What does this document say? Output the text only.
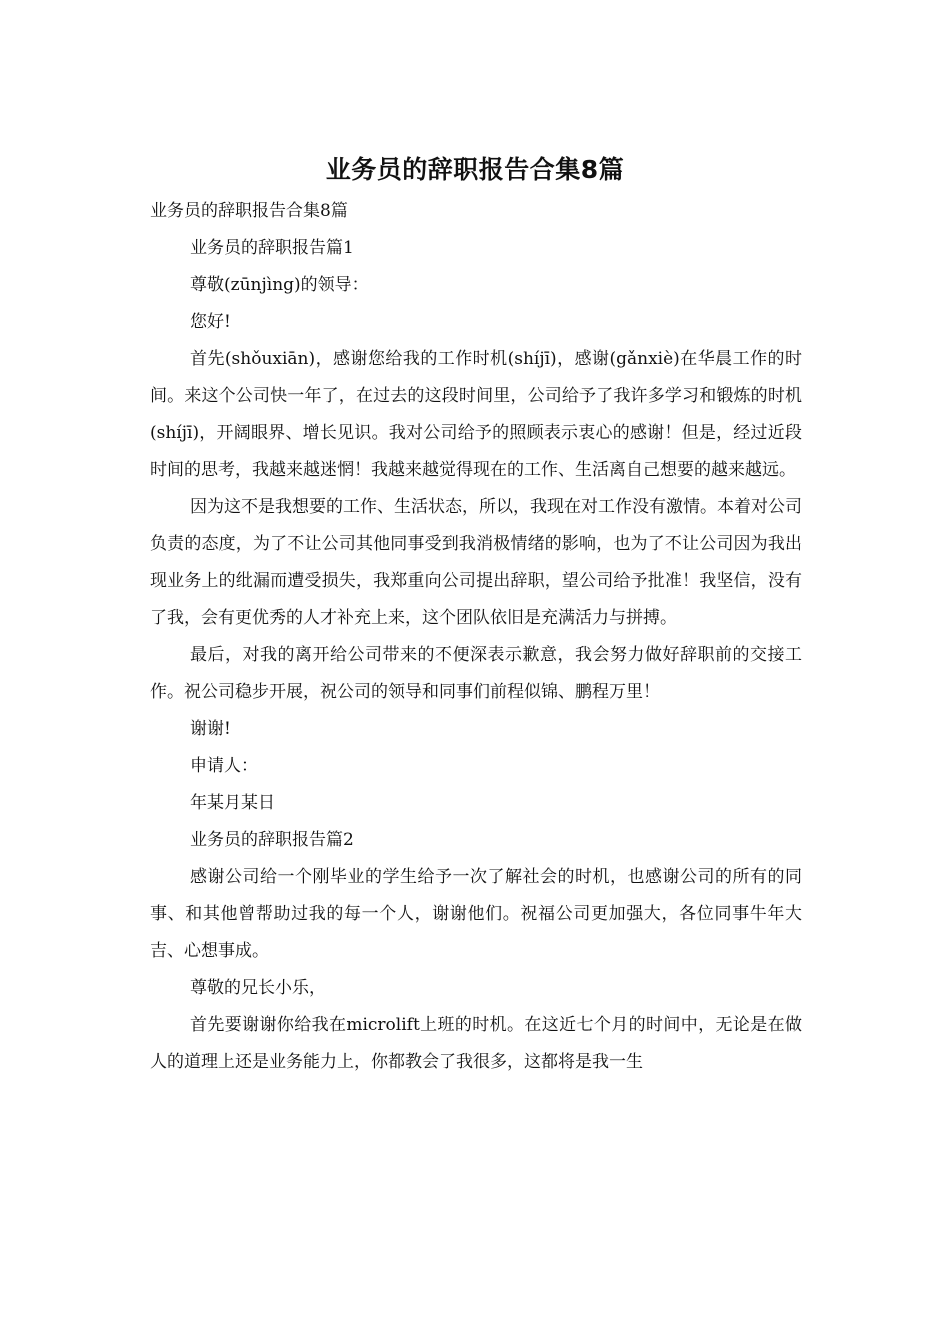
业务员的辞职报告合集8篇

业务员的辞职报告合集8篇

业务员的辞职报告篇1

尊敬(zūnjìng)的领导：

您好!

首先(shǒuxiān)，感谢您给我的工作时机(shíjī)，感谢(gǎnxiè)在华晨工作的时间。来这个公司快一年了，在过去的这段时间里，公司给予了我许多学习和锻炼的时机(shíjī)，开阔眼界、增长见识。我对公司给予的照顾表示衷心的感谢！但是，经过近段时间的思考，我越来越迷惘！我越来越觉得现在的工作、生活离自己想要的越来越远。

因为这不是我想要的工作、生活状态，所以，我现在对工作没有激情。本着对公司负责的态度，为了不让公司其他同事受到我消极情绪的影响，也为了不让公司因为我出现业务上的纰漏而遭受损失，我郑重向公司提出辞职，望公司给予批准！我坚信，没有了我，会有更优秀的人才补充上来，这个团队依旧是充满活力与拼搏。

最后，对我的离开给公司带来的不便深表示歉意，我会努力做好辞职前的交接工作。祝公司稳步开展，祝公司的领导和同事们前程似锦、鹏程万里！

谢谢!

申请人：

年某月某日

业务员的辞职报告篇2

感谢公司给一个刚毕业的学生给予一次了解社会的时机，也感谢公司的所有的同事、和其他曾帮助过我的每一个人，谢谢他们。祝福公司更加强大，各位同事牛年大吉、心想事成。

尊敬的兄长小乐，

首先要谢谢你给我在microlift上班的时机。在这近七个月的时间中，无论是在做人的道理上还是业务能力上，你都教会了我很多，这都将是我一生
